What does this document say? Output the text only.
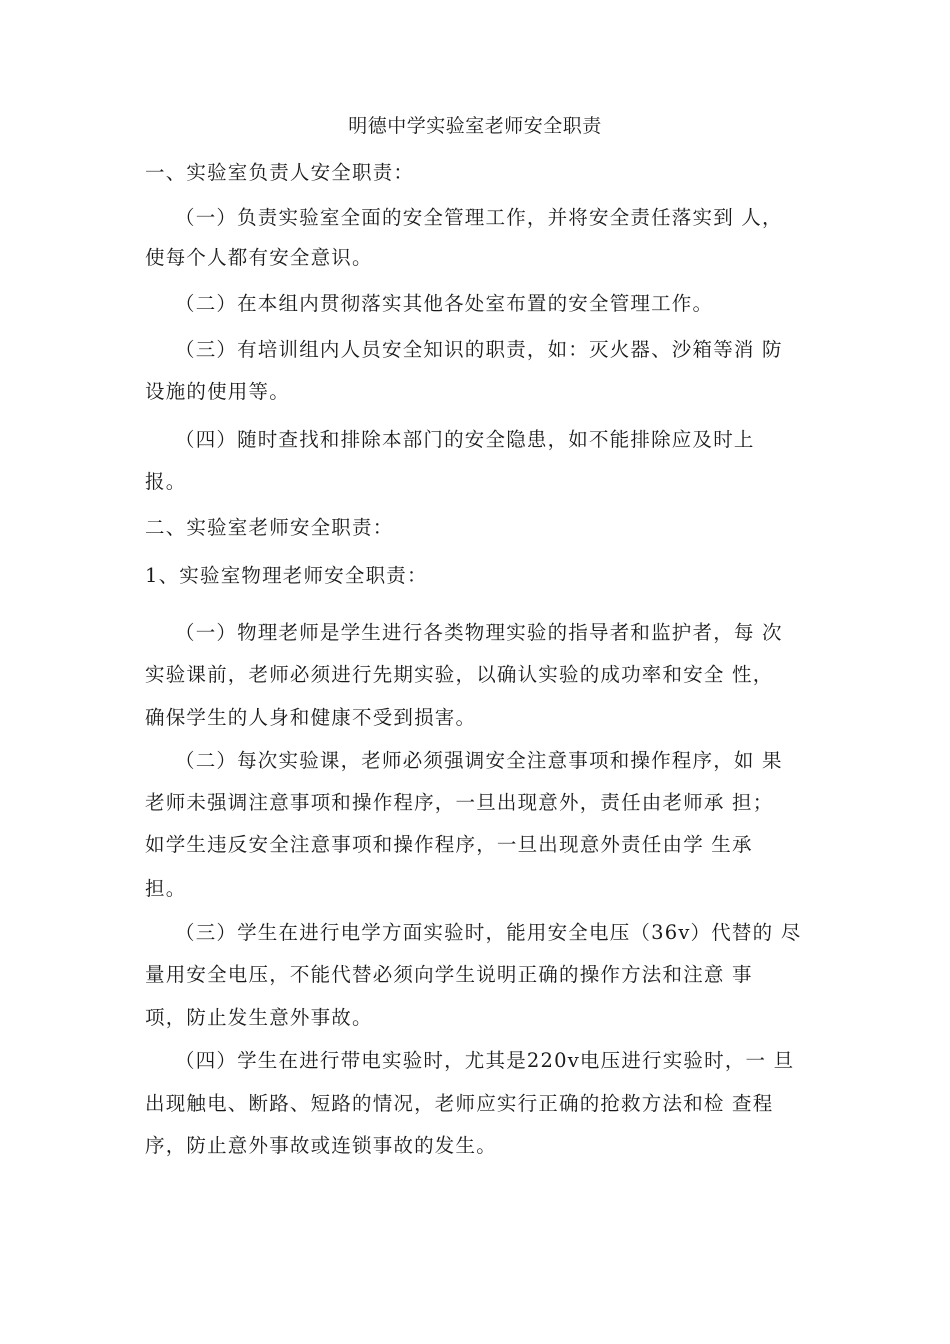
明德中学实验室老师安全职责
一、实验室负责人安全职责：
（一）负责实验室全面的安全管理工作，并将安全责任落实到 人，
使每个人都有安全意识。
（二）在本组内贯彻落实其他各处室布置的安全管理工作。
（三）有培训组内人员安全知识的职责，如：灭火器、沙箱等消 防
设施的使用等。
（四）随时查找和排除本部门的安全隐患，如不能排除应及时上
报。
二、实验室老师安全职责：
1、实验室物理老师安全职责：
（一）物理老师是学生进行各类物理实验的指导者和监护者，每 次
实验课前，老师必须进行先期实验，以确认实验的成功率和安全 性，
确保学生的人身和健康不受到损害。
（二）每次实验课，老师必须强调安全注意事项和操作程序，如 果
老师未强调注意事项和操作程序，一旦出现意外，责任由老师承 担；
如学生违反安全注意事项和操作程序，一旦出现意外责任由学 生承
担。
（三）学生在进行电学方面实验时，能用安全电压（36v）代替的 尽
量用安全电压，不能代替必须向学生说明正确的操作方法和注意 事
项，防止发生意外事故。
（四）学生在进行带电实验时，尤其是220v电压进行实验时，一 旦
出现触电、断路、短路的情况，老师应实行正确的抢救方法和检 查程
序，防止意外事故或连锁事故的发生。
